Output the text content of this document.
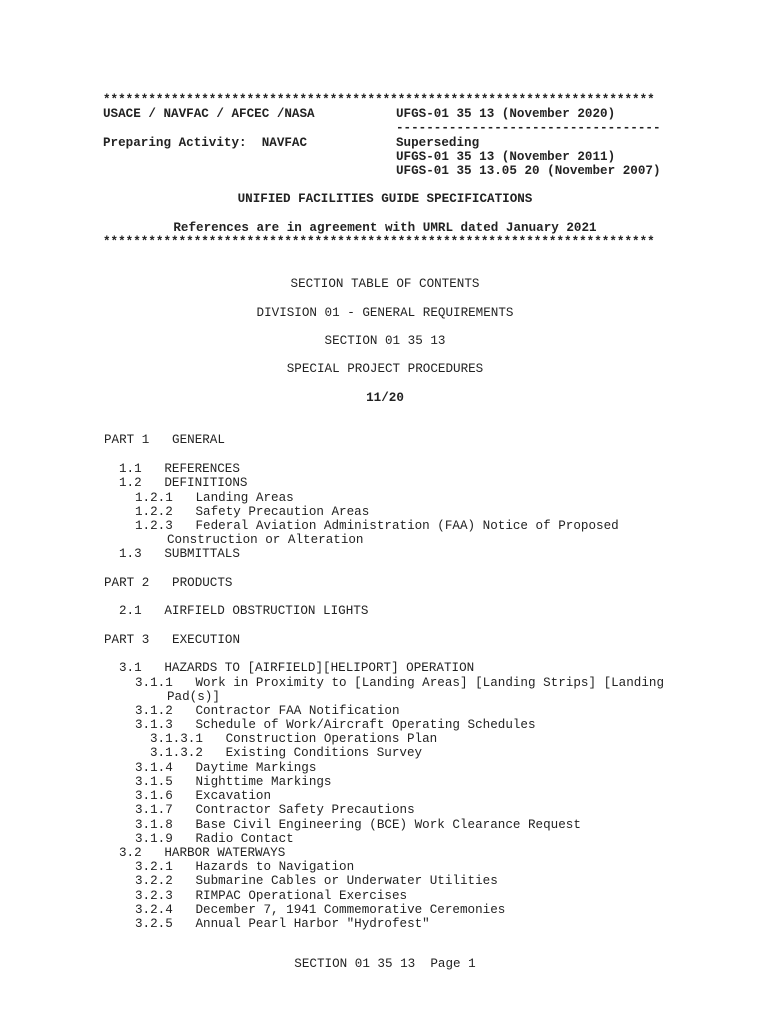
*************************************************************************
USACE / NAVFAC / AFCEC /NASA	UFGS-01 35 13 (November 2020)
-----------------------------------
Preparing Activity:  NAVFAC	Superseding
UFGS-01 35 13 (November 2011)
UFGS-01 35 13.05 20 (November 2007)
UNIFIED FACILITIES GUIDE SPECIFICATIONS
References are in agreement with UMRL dated January 2021
*************************************************************************
SECTION TABLE OF CONTENTS
DIVISION 01 - GENERAL REQUIREMENTS
SECTION 01 35 13
SPECIAL PROJECT PROCEDURES
11/20
PART 1   GENERAL
1.1   REFERENCES
1.2   DEFINITIONS
1.2.1   Landing Areas
1.2.2   Safety Precaution Areas
1.2.3   Federal Aviation Administration (FAA) Notice of Proposed
Construction or Alteration
1.3   SUBMITTALS
PART 2   PRODUCTS
2.1   AIRFIELD OBSTRUCTION LIGHTS
PART 3   EXECUTION
3.1   HAZARDS TO [AIRFIELD][HELIPORT] OPERATION
3.1.1   Work in Proximity to [Landing Areas] [Landing Strips] [Landing
Pad(s)]
3.1.2   Contractor FAA Notification
3.1.3   Schedule of Work/Aircraft Operating Schedules
3.1.3.1   Construction Operations Plan
3.1.3.2   Existing Conditions Survey
3.1.4   Daytime Markings
3.1.5   Nighttime Markings
3.1.6   Excavation
3.1.7   Contractor Safety Precautions
3.1.8   Base Civil Engineering (BCE) Work Clearance Request
3.1.9   Radio Contact
3.2   HARBOR WATERWAYS
3.2.1   Hazards to Navigation
3.2.2   Submarine Cables or Underwater Utilities
3.2.3   RIMPAC Operational Exercises
3.2.4   December 7, 1941 Commemorative Ceremonies
3.2.5   Annual Pearl Harbor "Hydrofest"
SECTION 01 35 13  Page 1
